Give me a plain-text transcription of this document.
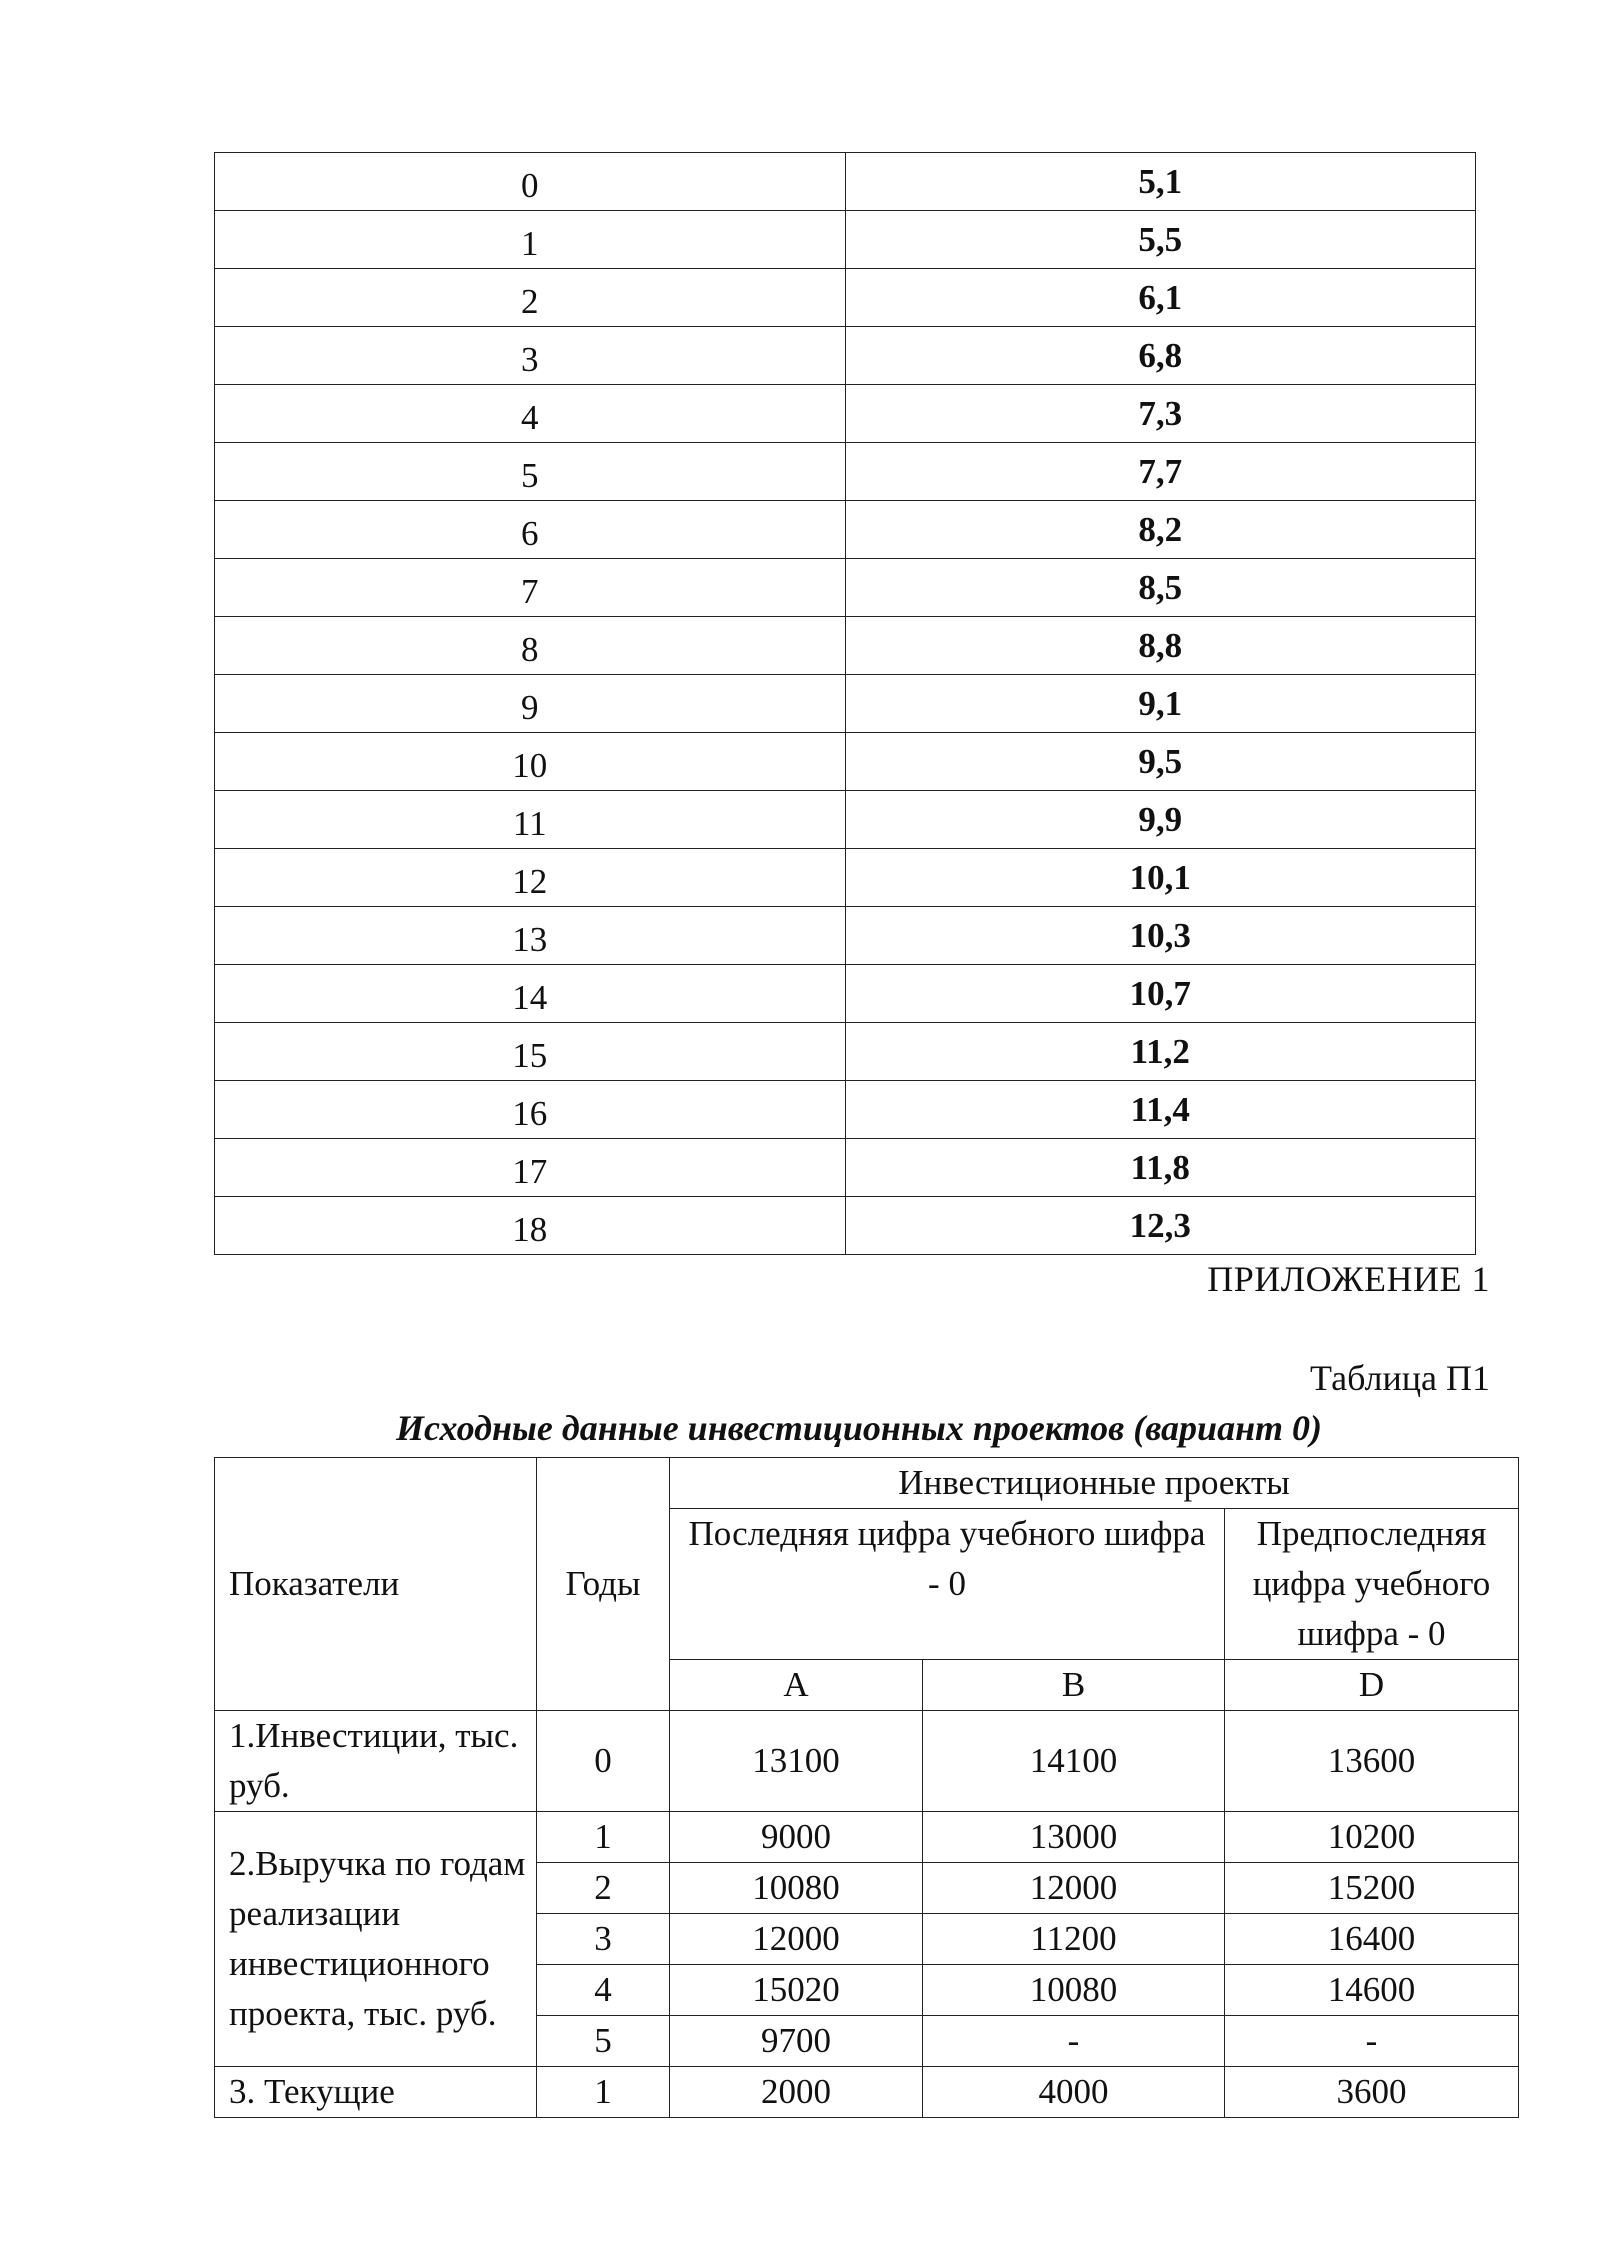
0	5,1
1	5,5
2	6,1
3	6,8
4	7,3
5	7,7
6	8,2
7	8,5
8	8,8
9	9,1
10	9,5
11	9,9
12	10,1
13	10,3
14	10,7
15	11,2
16	11,4
17	11,8
18	12,3
ПРИЛОЖЕНИЕ 1
Таблица П1
Исходные данные инвестиционных проектов (вариант 0)
Показатели	Годы	Инвестиционные проекты		
		Последняя цифра учебного шифра - 0		Предпоследняя цифра учебного шифра - 0
		A	B	D
1.Инвестиции, тыс. руб.	0	13100	14100	13600
2.Выручка по годам реализации инвестиционного проекта, тыс. руб.	1	9000	13000	10200
	2	10080	12000	15200
	3	12000	11200	16400
	4	15020	10080	14600
	5	9700	-	-
3. Текущие	1	2000	4000	3600
